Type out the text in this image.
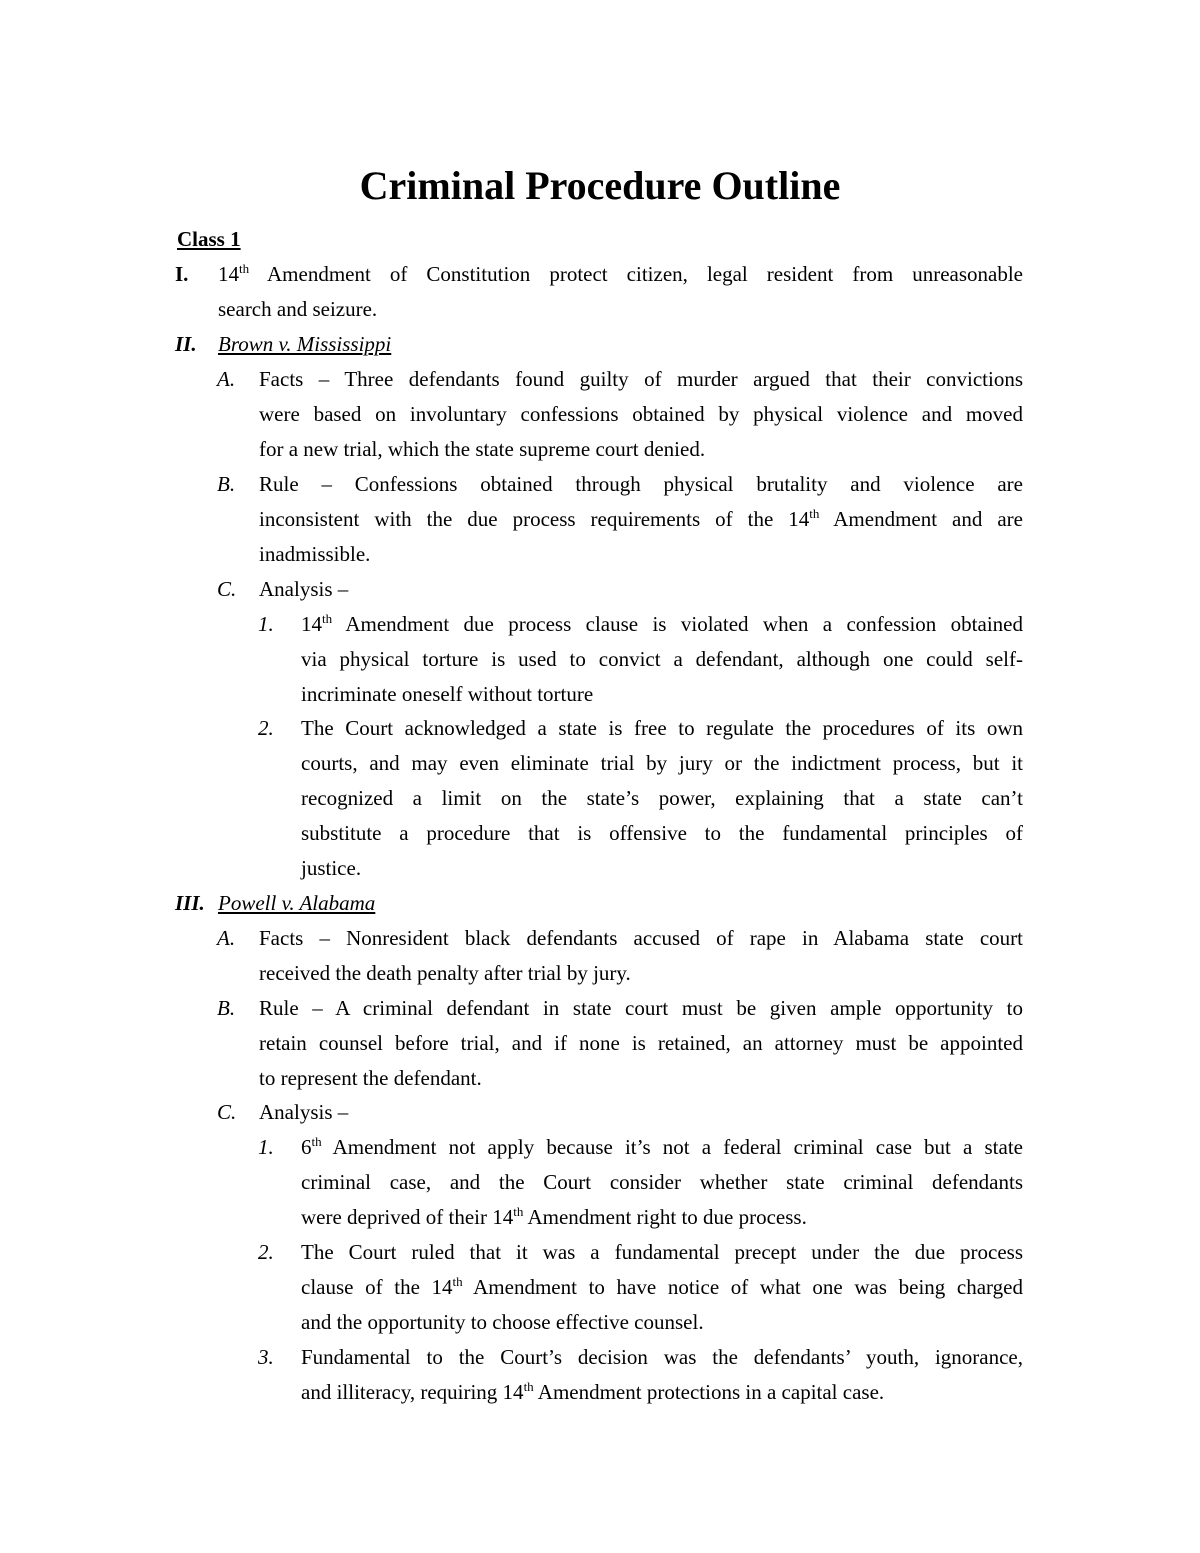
Criminal Procedure Outline
Class 1
I. 14th Amendment of Constitution protect citizen, legal resident from unreasonable
search and seizure.
II. Brown v. Mississippi
A. Facts – Three defendants found guilty of murder argued that their convictions
were based on involuntary confessions obtained by physical violence and moved
for a new trial, which the state supreme court denied.
B. Rule – Confessions obtained through physical brutality and violence are
inconsistent with the due process requirements of the 14th Amendment and are
inadmissible.
C. Analysis –
1. 14th Amendment due process clause is violated when a confession obtained
via physical torture is used to convict a defendant, although one could self-
incriminate oneself without torture
2. The Court acknowledged a state is free to regulate the procedures of its own
courts, and may even eliminate trial by jury or the indictment process, but it
recognized a limit on the state’s power, explaining that a state can’t
substitute a procedure that is offensive to the fundamental principles of
justice.
III. Powell v. Alabama
A. Facts – Nonresident black defendants accused of rape in Alabama state court
received the death penalty after trial by jury.
B. Rule – A criminal defendant in state court must be given ample opportunity to
retain counsel before trial, and if none is retained, an attorney must be appointed
to represent the defendant.
C. Analysis –
1. 6th Amendment not apply because it’s not a federal criminal case but a state
criminal case, and the Court consider whether state criminal defendants
were deprived of their 14th Amendment right to due process.
2. The Court ruled that it was a fundamental precept under the due process
clause of the 14th Amendment to have notice of what one was being charged
and the opportunity to choose effective counsel.
3. Fundamental to the Court’s decision was the defendants’ youth, ignorance,
and illiteracy, requiring 14th Amendment protections in a capital case.
